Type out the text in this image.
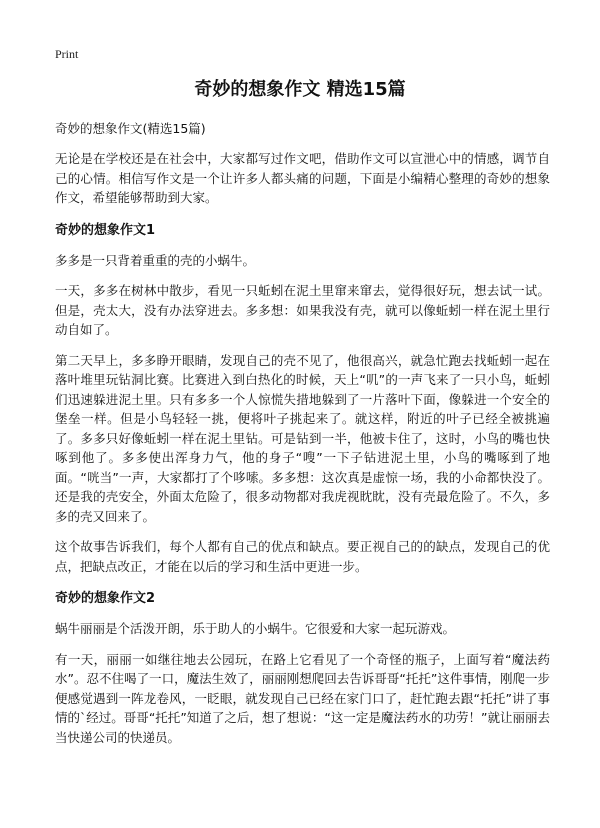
Print
奇妙的想象作文 精选15篇

奇妙的想象作文(精选15篇)

无论是在学校还是在社会中，大家都写过作文吧，借助作文可以宣泄心中的情感，调节自己的心情。相信写作文是一个让许多人都头痛的问题，下面是小编精心整理的奇妙的想象作文，希望能够帮助到大家。

奇妙的想象作文1

多多是一只背着重重的壳的小蜗牛。

一天，多多在树林中散步，看见一只蚯蚓在泥土里窜来窜去，觉得很好玩，想去试一试。但是，壳太大，没有办法穿进去。多多想：如果我没有壳，就可以像蚯蚓一样在泥土里行动自如了。

第二天早上，多多睁开眼睛，发现自己的壳不见了，他很高兴，就急忙跑去找蚯蚓一起在落叶堆里玩钻洞比赛。比赛进入到白热化的时候，天上“叽”的一声飞来了一只小鸟，蚯蚓们迅速躲进泥土里。只有多多一个人惊慌失措地躲到了一片落叶下面，像躲进一个安全的堡垒一样。但是小鸟轻轻一挑，便将叶子挑起来了。就这样，附近的叶子已经全被挑遍了。多多只好像蚯蚓一样在泥土里钻。可是钻到一半，他被卡住了，这时，小鸟的嘴也快啄到他了。多多使出浑身力气，他的身子“嗖”一下子钻进泥土里，小鸟的嘴啄到了地面。“咣当”一声，大家都打了个哆嗦。多多想：这次真是虚惊一场，我的小命都快没了。还是我的壳安全，外面太危险了，很多动物都对我虎视眈眈，没有壳最危险了。不久，多多的壳又回来了。

这个故事告诉我们，每个人都有自己的优点和缺点。要正视自己的的缺点，发现自己的优点，把缺点改正，才能在以后的学习和生活中更进一步。

奇妙的想象作文2

蜗牛丽丽是个活泼开朗，乐于助人的小蜗牛。它很爱和大家一起玩游戏。

有一天，丽丽一如继往地去公园玩，在路上它看见了一个奇怪的瓶子，上面写着“魔法药水”。忍不住喝了一口，魔法生效了，丽丽刚想爬回去告诉哥哥“托托”这件事情，刚爬一步便感觉遇到一阵龙卷风，一眨眼，就发现自己已经在家门口了，赶忙跑去跟“托托”讲了事情的`经过。哥哥“托托”知道了之后，想了想说：“这一定是魔法药水的功劳！”就让丽丽去当快递公司的快递员。
